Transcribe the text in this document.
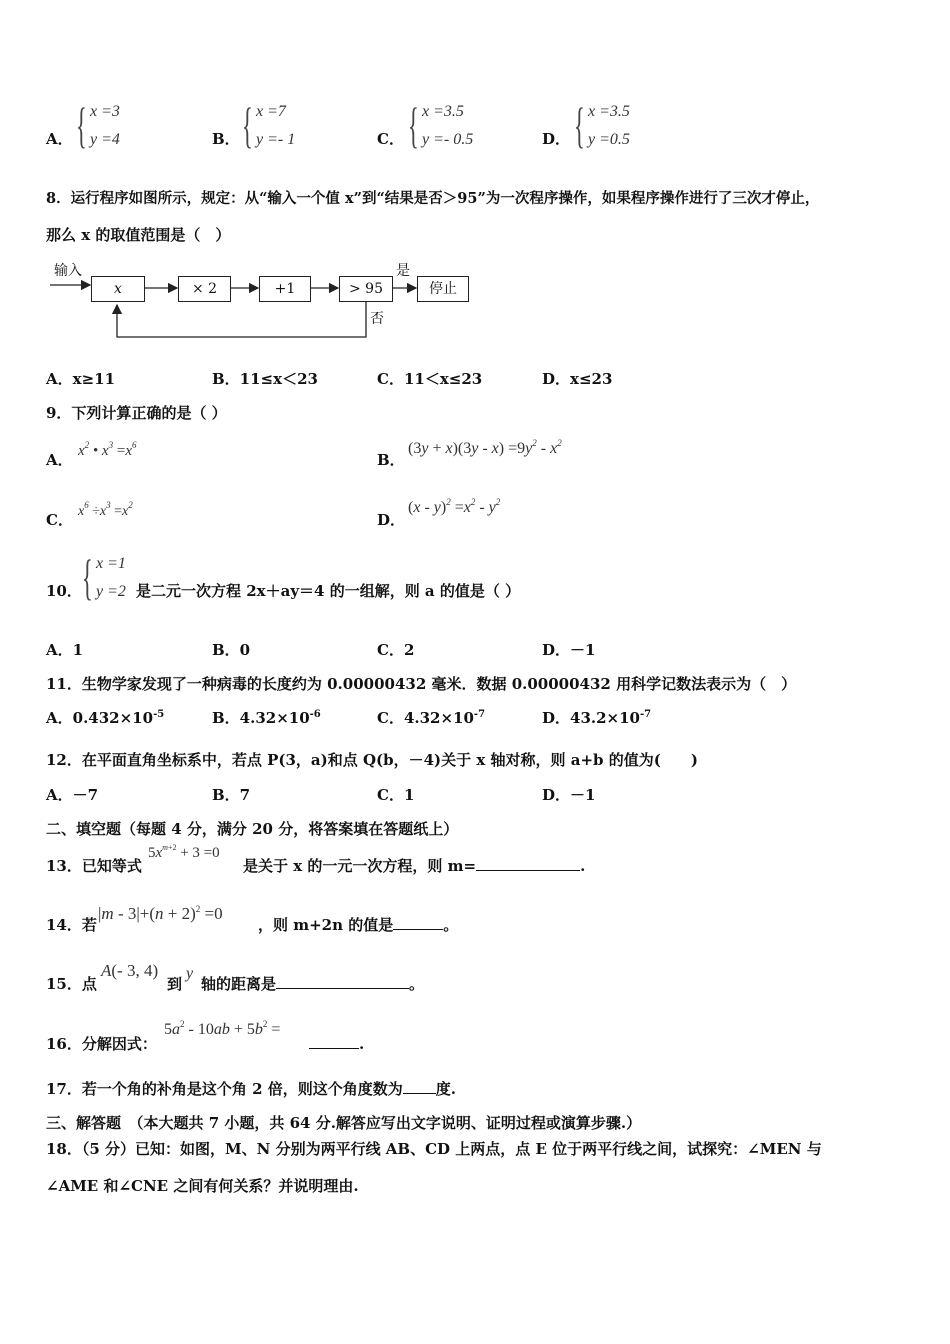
A． { x =3
y =4	B． { x =7
y =- 1	C． { x =3.5
y =- 0.5	D． { x =3.5
y =0.5
8．运行程序如图所示，规定：从“输入一个值 x”到“结果是否＞95”为一次程序操作，如果程序操作进行了三次才停止，
那么 x 的取值范围是（　）
输入
x	× 2	+1	> 95	停止
是
否
A．x≥11	B．11≤x＜23	C．11＜x≤23	D．x≤23
9．下列计算正确的是（ ）
A． $x^2$ • $x^3 =x^6$
B．
$(3y + x)(3y - x) =9y^2 - x^2$
C． $x^6 \div x^3 =x^2$
D．
$(x - y)^2 =x^2 - y^2$
10． { x =1
y =2 是二元一次方程 2x＋ay＝4 的一组解，则 a 的值是（ ）
A．1	B．0	C．2	D．－1
11．生物学家发现了一种病毒的长度约为 0.00000432 毫米．数据 0.00000432 用科学记数法表示为（　）
A．$0.432\times 10^{-5}$	B．$4.32\times 10^{-6}$	C．$4.32\times 10^{-7}$	D．$43.2\times 10^{-7}$
12．在平面直角坐标系中，若点 P(3，a)和点 Q(b，－4)关于 x 轴对称，则 a+b 的值为(　　)
A．－7	B．7	C．1	D．－1
二、填空题（每题 4 分，满分 20 分，将答案填在答题纸上）
13．已知等式
$5x^{m+2} + 3 =0$
是关于 x 的一元一次方程，则 m=	.
14．若
$|m - 3|+(n + 2)^2 =0$
，则 m+2n 的值是	。
15．点
A(- 3, 4)
到
y
轴的距离是	。
16．分解因式：
$5a^2 - 10ab + 5b^2$ =
.
17．若一个角的补角是这个角 2 倍，则这个角度数为 度.
三、解答题　（本大题共 7 小题，共 64 分.解答应写出文字说明、证明过程或演算步骤.）
18．（5 分）已知：如图，M、N 分别为两平行线 AB、CD 上两点，点 E 位于两平行线之间，试探究：∠MEN 与
∠AME 和∠CNE 之间有何关系？并说明理由.
